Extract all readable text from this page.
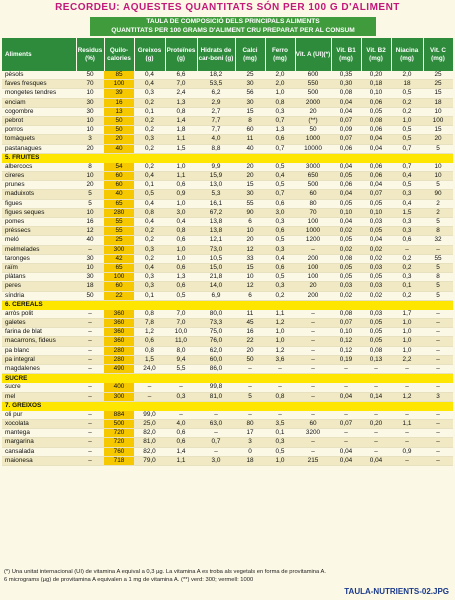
RECORDEU: AQUESTES QUANTITATS SÓN PER 100 G D'ALIMENT
TAULA DE COMPOSICIÓ DELS PRINCIPALS ALIMENTS
QUANTITATS PER 100 GRAMS D'ALIMENT CRU PREPARAT PER AL CONSUM
Aliments	Residus (%)	Quilo-calories	Greixos (g)	Proteïnes (g)	Hidrats de car-boni (g)	Calci (mg)	Ferro (mg)	Vit. A (UI)(*)	Vit. B1 (mg)	Vit. B2 (mg)	Niacina (mg)	Vit. C (mg)
pèsols	50	85	0,4	6,6	18,2	25	2,0	600	0,35	0,20	2,0	25
faves fresques	70	100	0,4	7,0	53,5	30	2,0	550	0,30	0,18	18	25
mongetes tendres	10	39	0,3	2,4	6,2	56	1,0	500	0,08	0,10	0,5	15
enciam	30	16	0,2	1,3	2,9	30	0,8	2000	0,04	0,06	0,2	18
cogombre	30	13	0,1	0,8	2,7	15	0,3	20	0,04	0,05	0,2	10
pebrot	10	50	0,2	1,4	7,7	8	0,7	(**)	0,07	0,08	1,0	100
porros	10	50	0,2	1,8	7,7	60	1,3	50	0,09	0,06	0,5	15
tomàquets	3	20	0,3	1,1	4,0	11	0,6	1000	0,07	0,04	0,5	20
pastanagues	20	40	0,2	1,5	8,8	40	0,7	10000	0,06	0,04	0,7	5
5. FRUITES												
albercocs	8	54	0,2	1,0	9,9	20	0,5	3000	0,04	0,06	0,7	10
cireres	10	60	0,4	1,1	15,9	20	0,4	650	0,05	0,06	0,4	10
prunes	20	60	0,1	0,6	13,0	15	0,5	500	0,06	0,04	0,5	5
maduixots	5	40	0,5	0,9	5,3	30	0,7	60	0,04	0,07	0,3	90
figues	5	65	0,4	1,0	16,1	55	0,6	80	0,05	0,05	0,4	2
figues seques	10	280	0,8	3,0	67,2	90	3,0	70	0,10	0,10	1,5	2
pomes	16	55	0,4	0,4	13,8	6	0,3	100	0,04	0,03	0,3	5
préssecs	12	55	0,2	0,8	13,8	10	0,6	1000	0,02	0,05	0,3	8
meló	40	25	0,2	0,6	12,1	20	0,5	1200	0,05	0,04	0,6	32
melmelades	–	300	0,3	1,0	73,0	12	0,3	–	0,02	0,02	–	–
taronges	30	42	0,2	1,0	10,5	33	0,4	200	0,08	0,02	0,2	55
raïm	10	65	0,4	0,6	15,0	15	0,6	100	0,05	0,03	0,2	5
plàtans	30	100	0,3	1,3	21,8	10	0,5	100	0,05	0,05	0,3	8
peres	18	60	0,3	0,6	14,0	12	0,3	20	0,03	0,03	0,1	5
síndria	50	22	0,1	0,5	6,9	6	0,2	200	0,02	0,02	0,2	5
6. CEREALS												
arròs polit	–	360	0,8	7,0	80,0	11	1,1	–	0,08	0,03	1,7	–
galetes	–	360	7,8	7,0	73,3	45	1,2	–	0,07	0,05	1,0	–
farina de blat	–	360	1,2	10,0	75,0	16	1,0	–	0,10	0,05	1,0	–
macarrons, fideus	–	360	0,6	11,0	76,0	22	1,0	–	0,12	0,05	1,0	–
pa blanc	–	280	0,8	8,0	62,0	20	1,2	–	0,12	0,08	1,0	–
pa integral	–	280	1,5	9,4	60,0	50	3,6	–	0,19	0,13	2,2	–
magdalenes	–	490	24,0	5,5	86,0	–	–	–	–	–	–	–
SUCRE												
sucre	–	400	–	–	99,8	–	–	–	–	–	–	–
mel	–	300	–	0,3	81,0	5	0,8	–	0,04	0,14	1,2	3
7. GREIXOS												
oli pur	–	884	99,0	–	–	–	–	–	–	–	–	–
xocolata	–	500	25,0	4,0	63,0	80	3,5	60	0,07	0,20	1,1	–
mantega	–	720	82,0	0,6	–	17	0,1	3200	–	–	–	–
margarina	–	720	81,0	0,6	0,7	3	0,3	–	–	–	–	–
cansalada	–	760	82,0	1,4	–	0	0,5	–	0,04	–	0,9	–
maionesa	–	718	79,0	1,1	3,0	18	1,0	215	0,04	0,04	–	–
(*) Una unitat internacional (UI) de vitamina A equival a 0,3 µg. La vitamina A es troba als vegetals en forma de provitamina A.
6 micrograms (µg) de provitamina A equivalen a 1 mg de vitamina A. (**) verd: 300; vermell: 1000
TAULA-NUTRIENTS-02.JPG
